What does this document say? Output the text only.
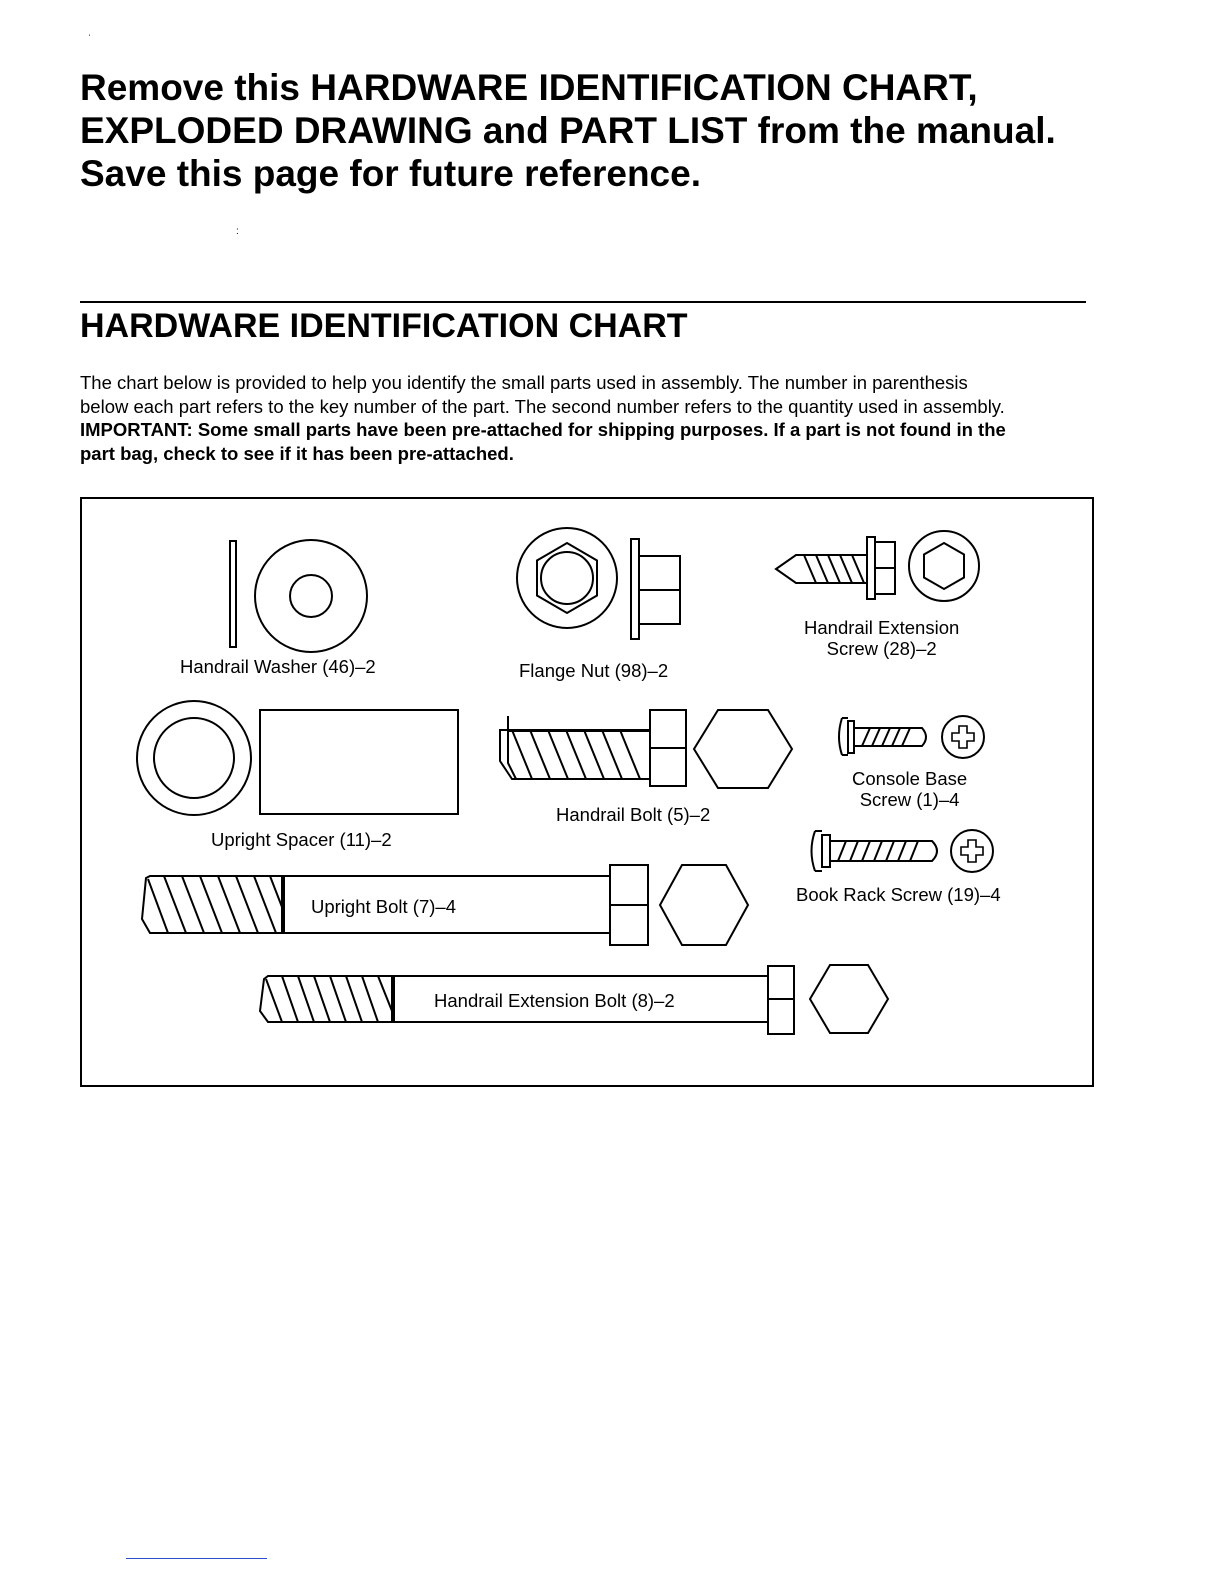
Remove this HARDWARE IDENTIFICATION CHART,
EXPLODED DRAWING and PART LIST from the manual.
Save this page for future reference.
ˈ
:
HARDWARE IDENTIFICATION CHART
The chart below is provided to help you identify the small parts used in assembly. The number in parenthesis
below each part refers to the key number of the part. The second number refers to the quantity used in assembly.
IMPORTANT: Some small parts have been pre-attached for shipping purposes. If a part is not found in the
part bag, check to see if it has been pre-attached.
Handrail Washer (46)–2	Flange Nut (98)–2
Handrail Extension
Screw (28)–2
Upright Spacer (11)–2
Handrail Bolt (5)–2
Console Base
Screw (1)–4
Book Rack Screw (19)–4
Upright Bolt (7)–4
Handrail Extension Bolt (8)–2
